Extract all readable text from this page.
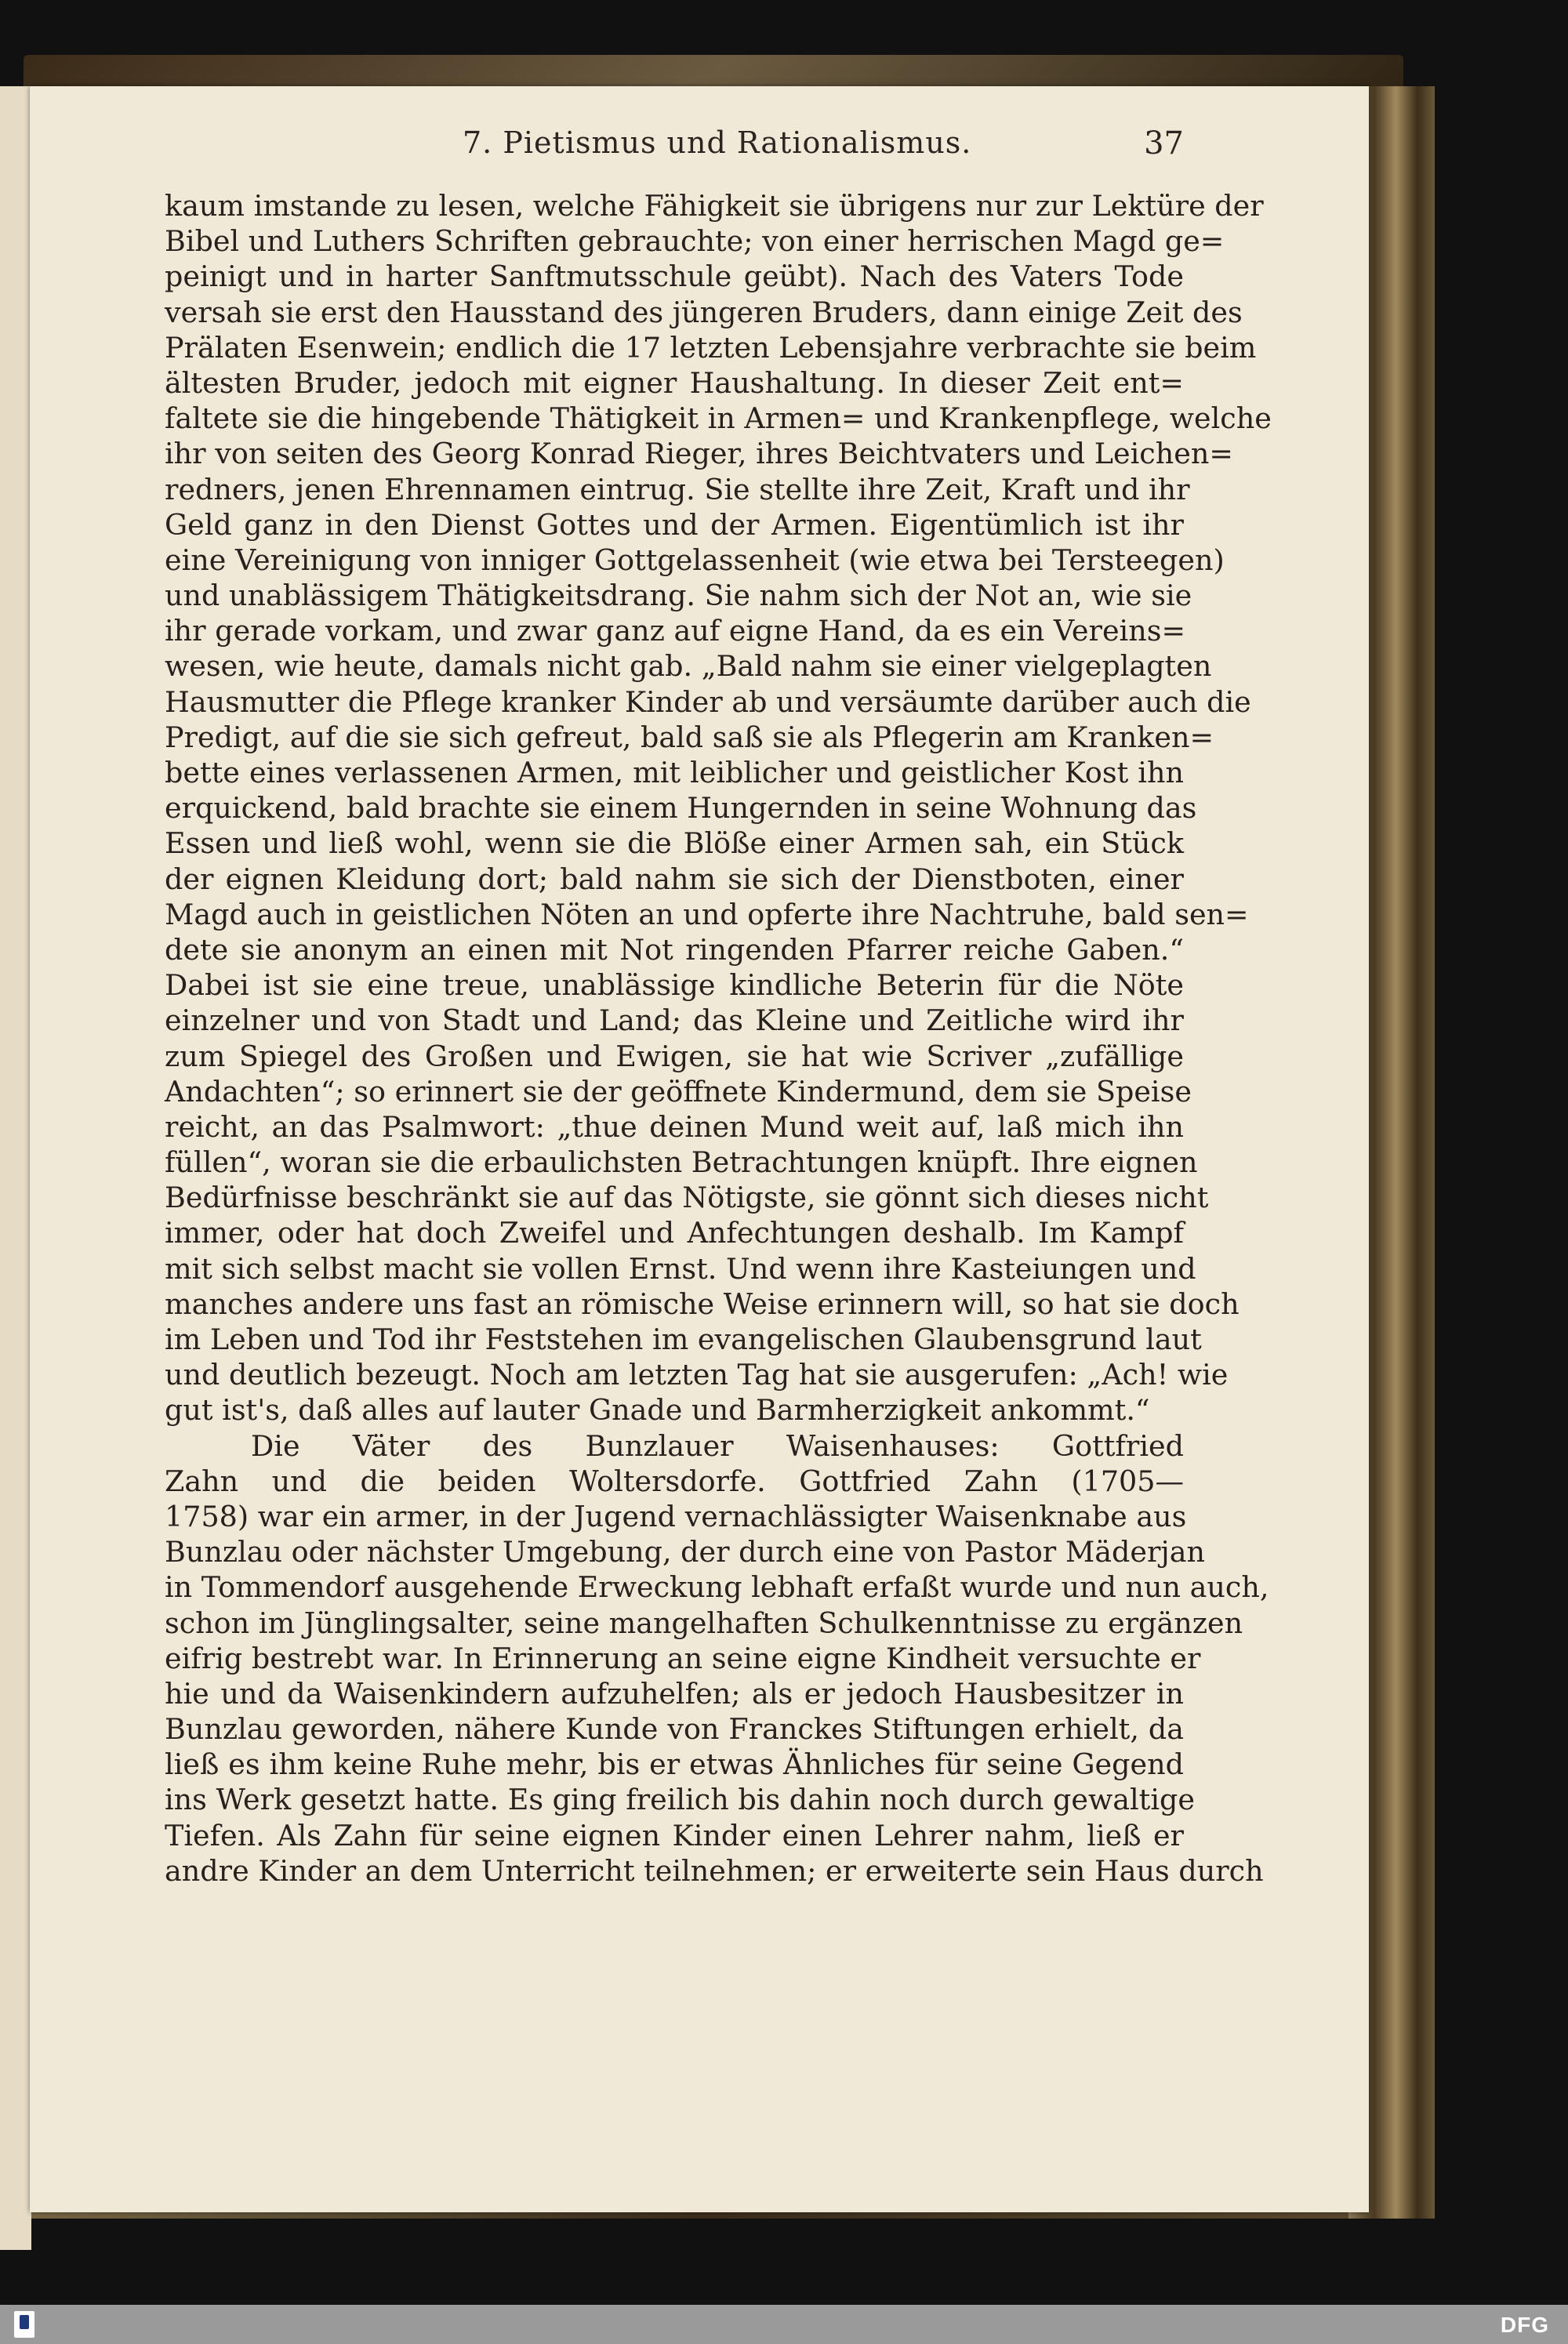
7. Pietismus und Rationalismus.	37
kaum imstande zu lesen, welche Fähigkeit sie übrigens nur zur Lektüre der
Bibel und Luthers Schriften gebrauchte; von einer herrischen Magd ge=
peinigt und in harter Sanftmutsschule geübt). Nach des Vaters Tode
versah sie erst den Hausstand des jüngeren Bruders, dann einige Zeit des
Prälaten Esenwein; endlich die 17 letzten Lebensjahre verbrachte sie beim
ältesten Bruder, jedoch mit eigner Haushaltung. In dieser Zeit ent=
faltete sie die hingebende Thätigkeit in Armen= und Krankenpflege, welche
ihr von seiten des Georg Konrad Rieger, ihres Beichtvaters und Leichen=
redners, jenen Ehrennamen eintrug. Sie stellte ihre Zeit, Kraft und ihr
Geld ganz in den Dienst Gottes und der Armen. Eigentümlich ist ihr
eine Vereinigung von inniger Gottgelassenheit (wie etwa bei Tersteegen)
und unablässigem Thätigkeitsdrang. Sie nahm sich der Not an, wie sie
ihr gerade vorkam, und zwar ganz auf eigne Hand, da es ein Vereins=
wesen, wie heute, damals nicht gab. „Bald nahm sie einer vielgeplagten
Hausmutter die Pflege kranker Kinder ab und versäumte darüber auch die
Predigt, auf die sie sich gefreut, bald saß sie als Pflegerin am Kranken=
bette eines verlassenen Armen, mit leiblicher und geistlicher Kost ihn
erquickend, bald brachte sie einem Hungernden in seine Wohnung das
Essen und ließ wohl, wenn sie die Blöße einer Armen sah, ein Stück
der eignen Kleidung dort; bald nahm sie sich der Dienstboten, einer
Magd auch in geistlichen Nöten an und opferte ihre Nachtruhe, bald sen=
dete sie anonym an einen mit Not ringenden Pfarrer reiche Gaben.“
Dabei ist sie eine treue, unablässige kindliche Beterin für die Nöte
einzelner und von Stadt und Land; das Kleine und Zeitliche wird ihr
zum Spiegel des Großen und Ewigen, sie hat wie Scriver „zufällige
Andachten“; so erinnert sie der geöffnete Kindermund, dem sie Speise
reicht, an das Psalmwort: „thue deinen Mund weit auf, laß mich ihn
füllen“, woran sie die erbaulichsten Betrachtungen knüpft. Ihre eignen
Bedürfnisse beschränkt sie auf das Nötigste, sie gönnt sich dieses nicht
immer, oder hat doch Zweifel und Anfechtungen deshalb. Im Kampf
mit sich selbst macht sie vollen Ernst. Und wenn ihre Kasteiungen und
manches andere uns fast an römische Weise erinnern will, so hat sie doch
im Leben und Tod ihr Feststehen im evangelischen Glaubensgrund laut
und deutlich bezeugt. Noch am letzten Tag hat sie ausgerufen: „Ach! wie
gut ist's, daß alles auf lauter Gnade und Barmherzigkeit ankommt.“
Die Väter des Bunzlauer Waisenhauses: Gottfried
Zahn und die beiden Woltersdorfe. Gottfried Zahn (1705—
1758) war ein armer, in der Jugend vernachlässigter Waisenknabe aus
Bunzlau oder nächster Umgebung, der durch eine von Pastor Mäderjan
in Tommendorf ausgehende Erweckung lebhaft erfaßt wurde und nun auch,
schon im Jünglingsalter, seine mangelhaften Schulkenntnisse zu ergänzen
eifrig bestrebt war. In Erinnerung an seine eigne Kindheit versuchte er
hie und da Waisenkindern aufzuhelfen; als er jedoch Hausbesitzer in
Bunzlau geworden, nähere Kunde von Franckes Stiftungen erhielt, da
ließ es ihm keine Ruhe mehr, bis er etwas Ähnliches für seine Gegend
ins Werk gesetzt hatte. Es ging freilich bis dahin noch durch gewaltige
Tiefen. Als Zahn für seine eignen Kinder einen Lehrer nahm, ließ er
andre Kinder an dem Unterricht teilnehmen; er erweiterte sein Haus durch
DFG
